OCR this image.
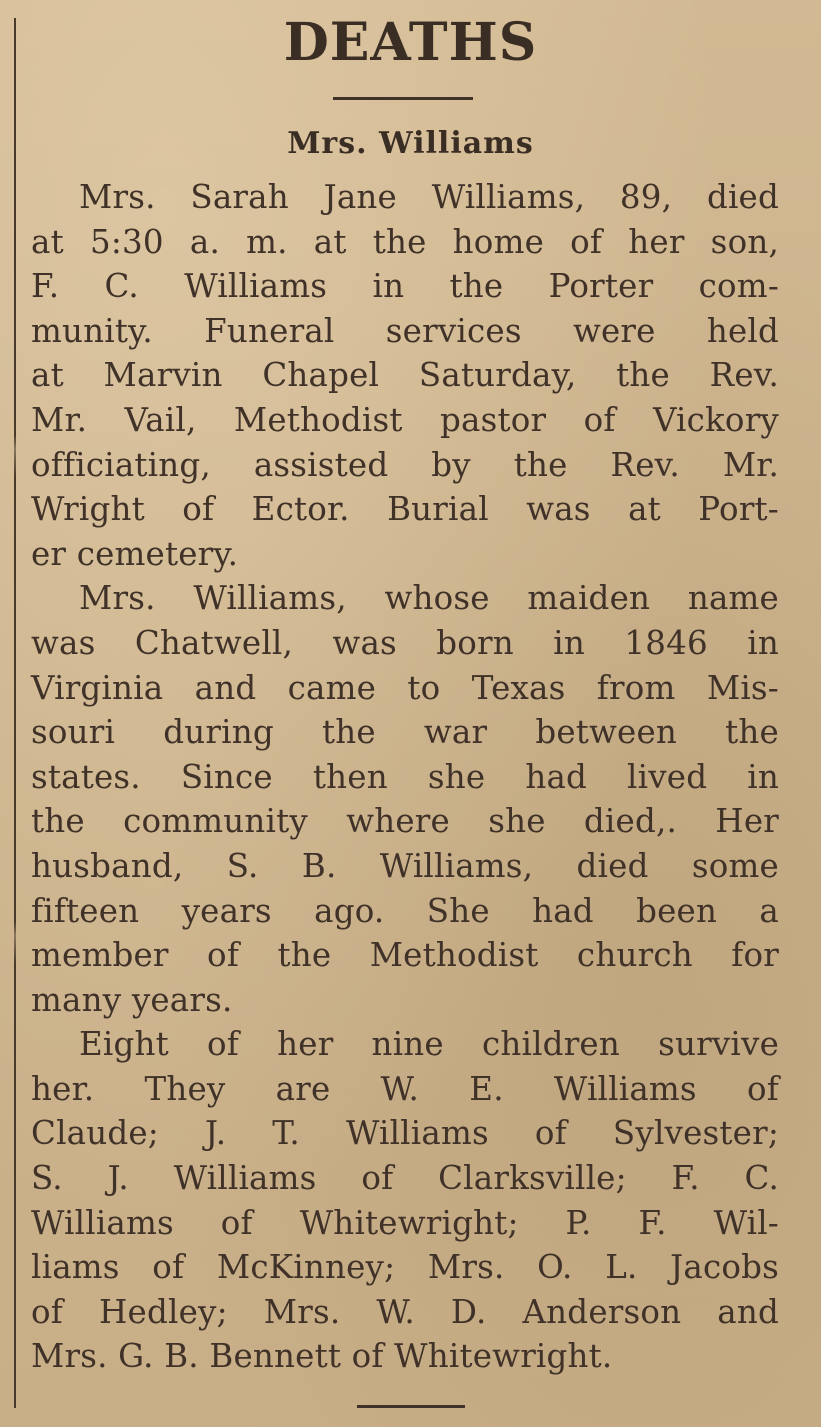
DEATHS
Mrs. Williams
Mrs. Sarah Jane Williams, 89, died
at 5:30 a. m. at the home of her son,
F. C. Williams in the Porter com-
munity. Funeral services were held
at Marvin Chapel Saturday, the Rev.
Mr. Vail, Methodist pastor of Vickory
officiating, assisted by the Rev. Mr.
Wright of Ector. Burial was at Port-
er cemetery.
Mrs. Williams, whose maiden name
was Chatwell, was born in 1846 in
Virginia and came to Texas from Mis-
souri during the war between the
states. Since then she had lived in
the community where she died,. Her
husband, S. B. Williams, died some
fifteen years ago. She had been a
member of the Methodist church for
many years.
Eight of her nine children survive
her. They are W. E. Williams of
Claude; J. T. Williams of Sylvester;
S. J. Williams of Clarksville; F. C.
Williams of Whitewright; P. F. Wil-
liams of McKinney; Mrs. O. L. Jacobs
of Hedley; Mrs. W. D. Anderson and
Mrs. G. B. Bennett of Whitewright.
